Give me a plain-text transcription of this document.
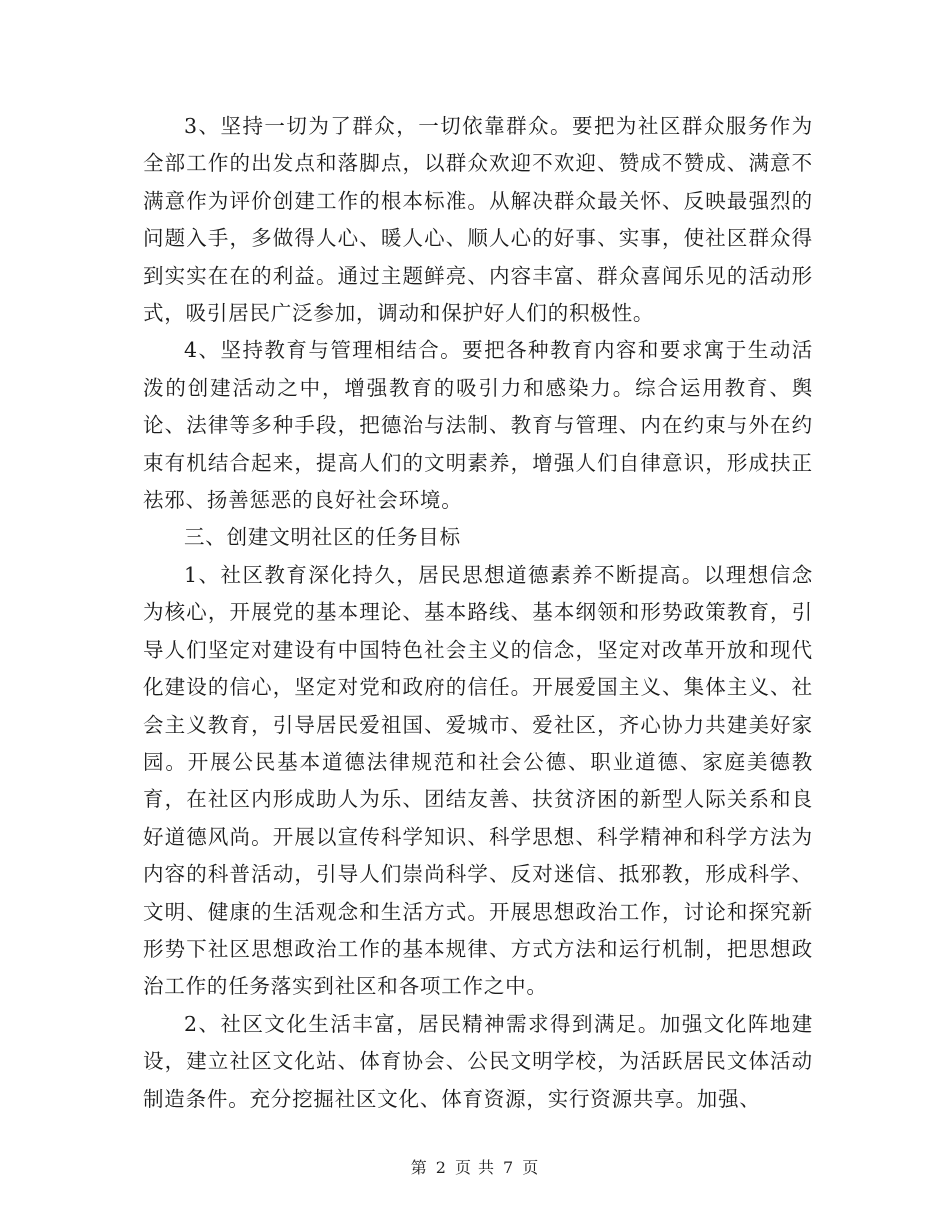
3、坚持一切为了群众，一切依靠群众。要把为社区群众服务作为全部工作的出发点和落脚点，以群众欢迎不欢迎、赞成不赞成、满意不满意作为评价创建工作的根本标准。从解决群众最关怀、反映最强烈的问题入手，多做得人心、暖人心、顺人心的好事、实事，使社区群众得到实实在在的利益。通过主题鲜亮、内容丰富、群众喜闻乐见的活动形式，吸引居民广泛参加，调动和保护好人们的积极性。

4、坚持教育与管理相结合。要把各种教育内容和要求寓于生动活泼的创建活动之中，增强教育的吸引力和感染力。综合运用教育、舆论、法律等多种手段，把德治与法制、教育与管理、内在约束与外在约束有机结合起来，提高人们的文明素养，增强人们自律意识，形成扶正祛邪、扬善惩恶的良好社会环境。

三、创建文明社区的任务目标

1、社区教育深化持久，居民思想道德素养不断提高。以理想信念为核心，开展党的基本理论、基本路线、基本纲领和形势政策教育，引导人们坚定对建设有中国特色社会主义的信念，坚定对改革开放和现代化建设的信心，坚定对党和政府的信任。开展爱国主义、集体主义、社会主义教育，引导居民爱祖国、爱城市、爱社区，齐心协力共建美好家园。开展公民基本道德法律规范和社会公德、职业道德、家庭美德教育，在社区内形成助人为乐、团结友善、扶贫济困的新型人际关系和良好道德风尚。开展以宣传科学知识、科学思想、科学精神和科学方法为内容的科普活动，引导人们崇尚科学、反对迷信、抵邪教，形成科学、文明、健康的生活观念和生活方式。开展思想政治工作，讨论和探究新形势下社区思想政治工作的基本规律、方式方法和运行机制，把思想政治工作的任务落实到社区和各项工作之中。

2、社区文化生活丰富，居民精神需求得到满足。加强文化阵地建设，建立社区文化站、体育协会、公民文明学校，为活跃居民文体活动制造条件。充分挖掘社区文化、体育资源，实行资源共享。加强、

第 2 页 共 7 页
